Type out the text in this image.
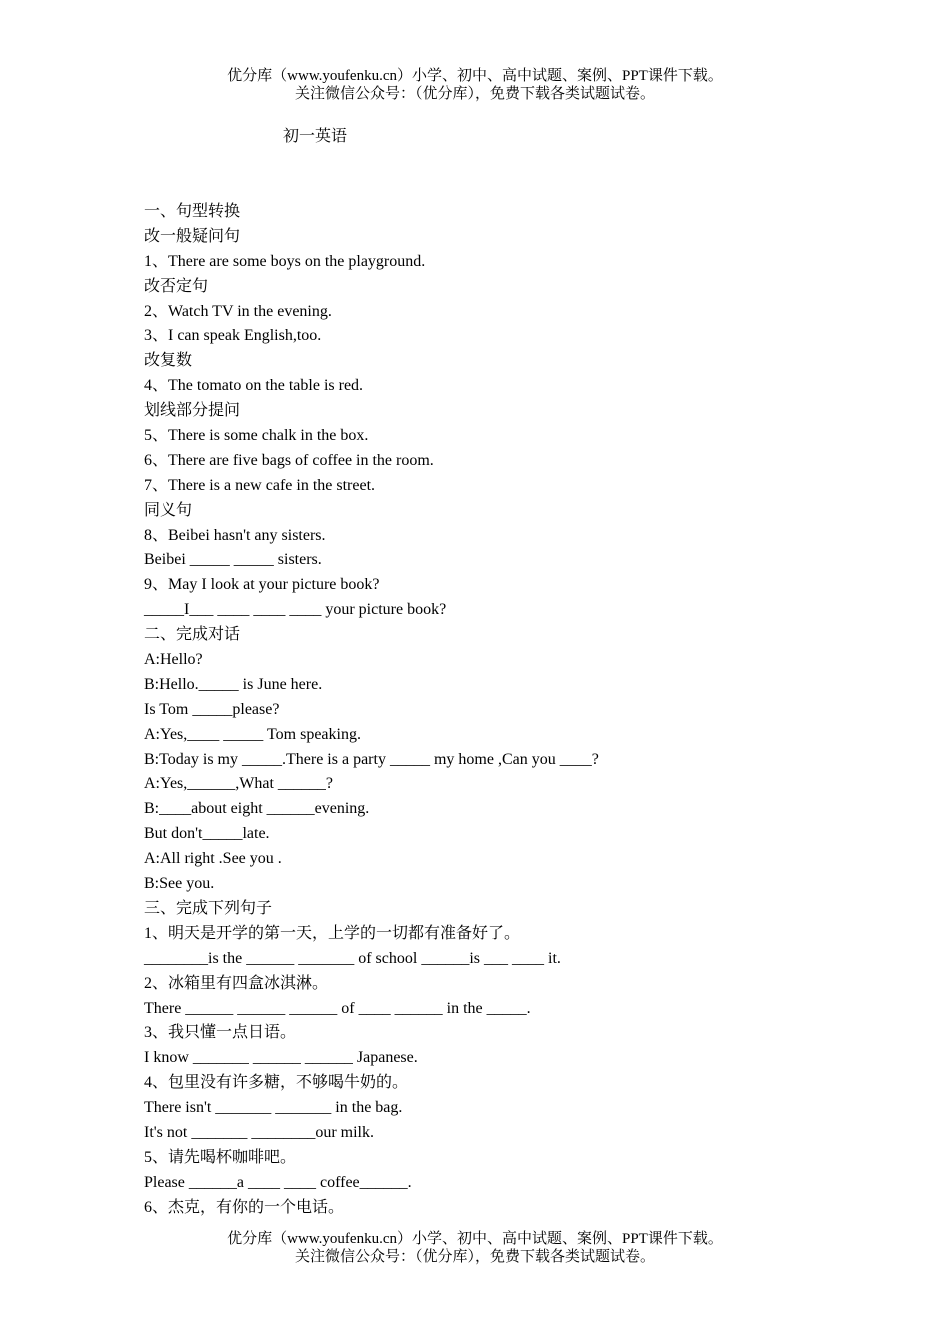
优分库（www.youfenku.cn）小学、初中、高中试题、案例、PPT课件下载。
关注微信公众号：（优分库），免费下载各类试题试卷。
初一英语
一、句型转换
改一般疑问句
1、There are some boys on the playground.
改否定句
2、Watch TV in the evening.
3、I can speak English,too.
改复数
4、The tomato on the table is red.
划线部分提问
5、There is some chalk in the box.
6、There are five bags of coffee in the room.
7、There is a new cafe in the street.
同义句
8、Beibei hasn't any sisters.
Beibei _____ _____ sisters.
9、May I look at your picture book?
_____I___ ____ ____ ____ your picture book?
二、完成对话
A:Hello?
B:Hello._____ is June here.
Is Tom _____please?
A:Yes,____ _____ Tom speaking.
B:Today is my _____.There is a party _____ my home ,Can you ____?
A:Yes,______,What ______?
B:____about eight ______evening.
But don't_____late.
A:All right .See you .
B:See you.
三、完成下列句子
1、明天是开学的第一天，上学的一切都有准备好了。
________is the ______ _______ of school ______is ___ ____ it.
2、冰箱里有四盒冰淇淋。
There ______ ______ ______ of ____ ______ in the _____.
3、我只懂一点日语。
I know _______ ______ ______ Japanese.
4、包里没有许多糖，不够喝牛奶的。
There isn't _______ _______ in the bag.
It's not _______ ________our milk.
5、请先喝杯咖啡吧。
Please ______a ____ ____ coffee______.
6、杰克，有你的一个电话。
优分库（www.youfenku.cn）小学、初中、高中试题、案例、PPT课件下载。
关注微信公众号：（优分库），免费下载各类试题试卷。
